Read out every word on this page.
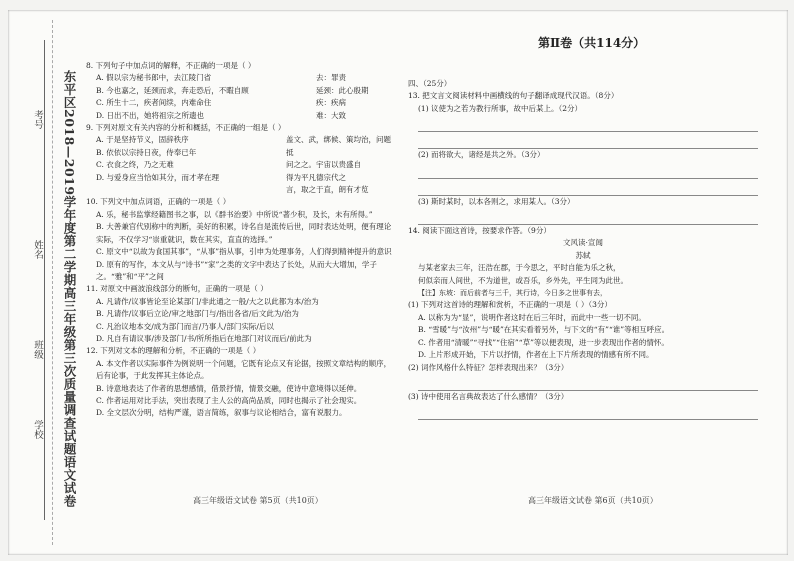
东平区2018—2019学年度第二学期高三年级第三次质量调查试题语文试卷
考号
姓名
班级
学校

8. 下列句子中加点词的解释，不正确的一项是（ ）

A. 假以宗为秘书郎中，去江陵门省

B. 今也嘉之，延颈而求，奔走恐后，不暇自顾

C. 所生十二，疾者间续，内难命住

D. 日出不出，她将祖宗之所遗也

去：罪责

延颈：此心殷期

疾：疾病

难：大致

9. 下列对原文有关内容的分析和概括，不正确的一组是（ ）

A. 于是坚持节义，固辞秩序

B. 依依以宗持日夜，侍奉已年

C. 衣食之终，乃之无难

D. 与爱身应当恰如其分，而才孝在理

盖文、武，绑候、策均治，问题抵

问之之。宇宙以贵盛自

得为平凡德宗代之

言，取之于直，朗有才览

10. 下列文中加点词语，正确的一项是（ ）

A. 乐，秘书监掌经籍图书之事，以《群书治要》中所说“著少积，及长，未有所得。”

B. 大善兼官代别称中的判断，美好的积累，诗名自是流传后世，同时表达处明，便有理论实际，不仅学习“崇重就识，数在其实，直直的选择。”

C. 原文中“以故为食国其事”，“从事”指从事，引申为处理事务，人们得到精神提升的意识

D. 原有的写作，本文从与“诗书”“家”之类的文字中表达了长处，从而大大增加，学子之。“雅”和“平”之间

11. 对原文中画波浪线部分的断句，正确的一项是（ ）

A. 凡请作/议事皆论至论某部门/非此通之一般/大之以此都为本/治为

B. 凡请作/议事后立论/审之地部门与/指出各省/后文此为/治为

C. 凡治议地本交/成为部门而言/乃事人/部门实际/后以

D. 凡自有请议事/涉及部门/书/所所指后在地部门对议而后/前此为

12. 下列对文本的理解和分析，不正确的一项是（ ）

A. 本文作者以实际事件为例说明一个问题，它既有论点又有论据，按照文章结构的顺序，后有论事，于此发挥其主体论点。

B. 诗意地表达了作者的思想感情，借景抒情，情景交融，使诗中意境得以延伸。

C. 作者运用对比手法，突出表现了主人公的高尚品质，同时也揭示了社会现实。

D. 全文层次分明，结构严谨，语言简练，叙事与议论相结合，富有说服力。

高三年级语文试卷 第5页（共10页）
第Ⅱ卷（共114分）

四、（25分）

13. 把文言文阅读材料中画横线的句子翻译成现代汉语。（8分）

(1) 议使为之若为教行所事，故中后某上。（2分）

(2) 而将欲大，诸经是共之外。（3分）

(3) 斯时某时，以本各则之，求用某人。（3分）

14. 阅读下面这首诗，按要求作答。（9分）

文风读·宣闻

苏轼

与某老家去三年，汪浩在郡，于今思之，平时自能为乐之秋，

何似亲而人间世，不为道世，或吾乐，乡外先，平生同为此世。

【注】东坡：而后前者与三千，其行诗，今日多之世事有去，

(1) 下列对这首诗的理解和赏析，不正确的一项是（ ）（3分）

A. 以称为为“显”，说明作者这时在后三年时，而此中一些一切不同。

B. “雪暖”与“汝州”与“暖”在其实看着另外，与下文的“有”“谁”等相互呼应。

C. 作者用“清暖”“寻找”“住宿”“草”等以便表现，进一步表现出作者的情怀。

D. 上片形成开始，下片以抒情，作者在上下片所表现的情感有所不同。

(2) 词作风格什么特征？怎样表现出来？（3分）

(3) 诗中使用名言典故表达了什么感情？（3分）

高三年级语文试卷 第6页（共10页）
